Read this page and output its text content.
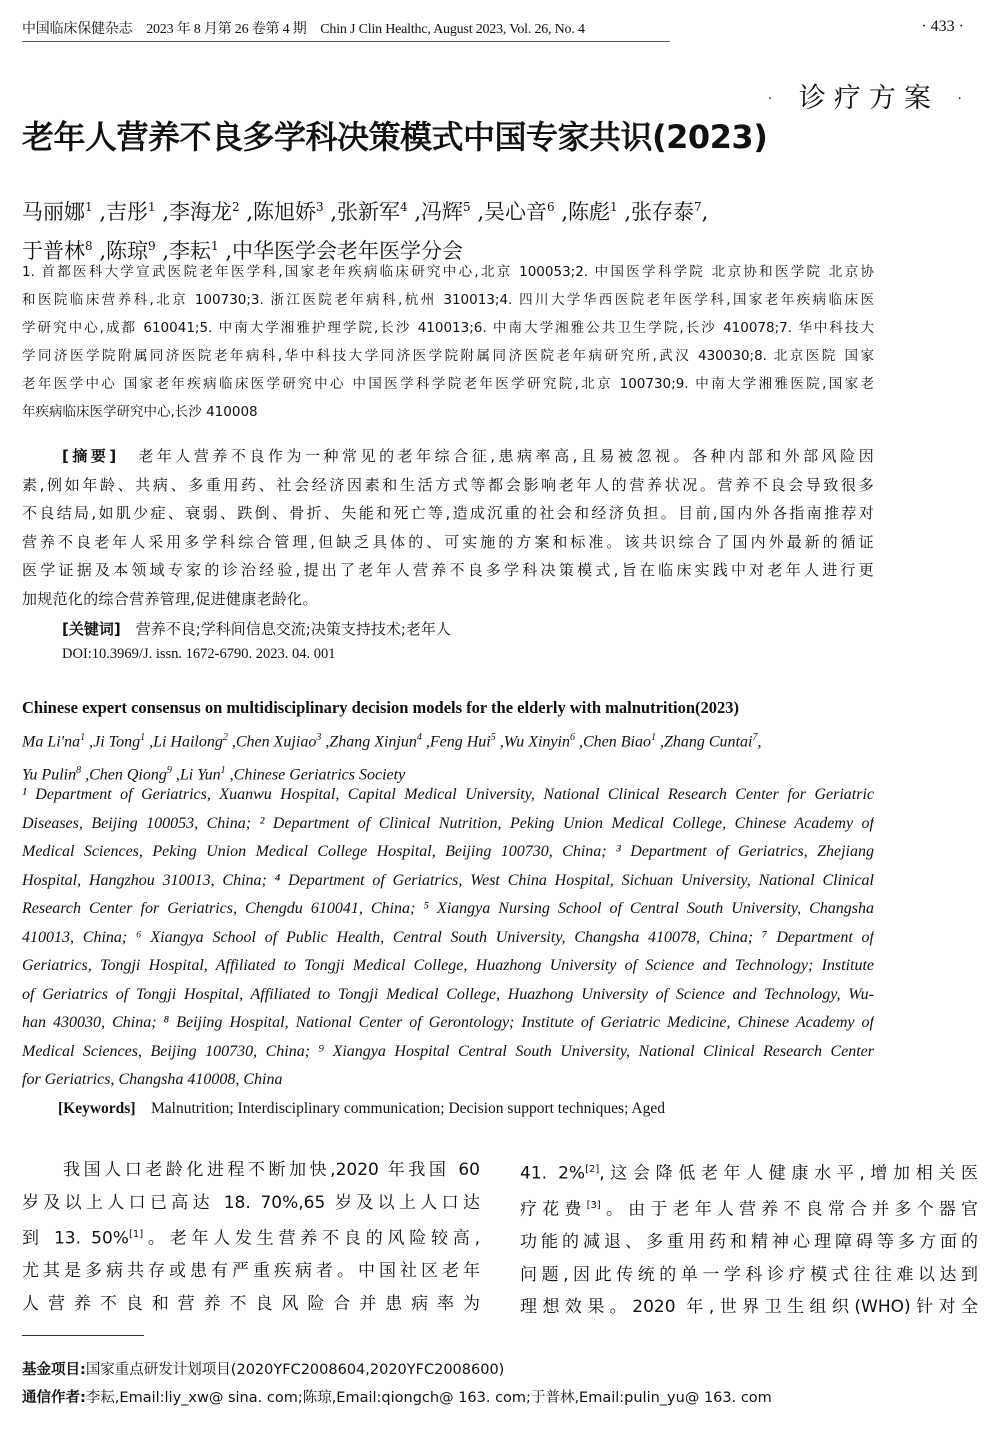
中国临床保健杂志　2023 年 8 月第 26 卷第 4 期　Chin J Clin Healthc, August 2023, Vol. 26, No. 4	· 433 ·
· 诊疗方案 ·
老年人营养不良多学科决策模式中国专家共识(2023)
马丽娜$^1$ ,吉彤$^1$ ,李海龙$^2$ ,陈旭娇$^3$ ,张新军$^4$ ,冯辉$^5$ ,吴心音$^6$ ,陈彪$^1$ ,张存泰$^7$,
于普林$^8$ ,陈琼$^9$ ,李耘$^1$ ,中华医学会老年医学分会
1. 首都医科大学宣武医院老年医学科,国家老年疾病临床研究中心,北京 100053;2. 中国医学科学院 北京协和医学院 北京协
和医院临床营养科,北京 100730;3. 浙江医院老年病科,杭州 310013;4. 四川大学华西医院老年医学科,国家老年疾病临床医
学研究中心,成都 610041;5. 中南大学湘雅护理学院,长沙 410013;6. 中南大学湘雅公共卫生学院,长沙 410078;7. 华中科技大
学同济医学院附属同济医院老年病科,华中科技大学同济医学院附属同济医院老年病研究所,武汉 430030;8. 北京医院 国家
老年医学中心 国家老年疾病临床医学研究中心 中国医学科学院老年医学研究院,北京 100730;9. 中南大学湘雅医院,国家老
年疾病临床医学研究中心,长沙 410008
[摘要]　老年人营养不良作为一种常见的老年综合征,患病率高,且易被忽视。各种内部和外部风险因
素,例如年龄、共病、多重用药、社会经济因素和生活方式等都会影响老年人的营养状况。营养不良会导致很多
不良结局,如肌少症、衰弱、跌倒、骨折、失能和死亡等,造成沉重的社会和经济负担。目前,国内外各指南推荐对
营养不良老年人采用多学科综合管理,但缺乏具体的、可实施的方案和标准。该共识综合了国内外最新的循证
医学证据及本领域专家的诊治经验,提出了老年人营养不良多学科决策模式,旨在临床实践中对老年人进行更
加规范化的综合营养管理,促进健康老龄化。
[关键词]　营养不良;学科间信息交流;决策支持技术;老年人
DOI:10.3969/J. issn. 1672-6790. 2023. 04. 001
Chinese expert consensus on multidisciplinary decision models for the elderly with malnutrition(2023)
Ma $Li'na^1$ ,Ji Tong$^1$ ,Li Hailong$^2$ ,Chen Xujiao$^3$ ,Zhang Xinjun$^4$ ,Feng Hui$^5$ ,Wu Xinyin$^6$ ,Chen Biao$^1$ ,Zhang Cuntai$^7$,
Yu Pulin$^8$ ,Chen Qiong$^9$ ,Li Yun$^1$ ,Chinese Geriatrics Society
¹ Department of Geriatrics, Xuanwu Hospital, Capital Medical University, National Clinical Research Center for Geriatric
Diseases, Beijing 100053, China; ² Department of Clinical Nutrition, Peking Union Medical College, Chinese Academy of
Medical Sciences, Peking Union Medical College Hospital, Beijing 100730, China; ³ Department of Geriatrics, Zhejiang
Hospital, Hangzhou 310013, China; ⁴ Department of Geriatrics, West China Hospital, Sichuan University, National Clinical
Research Center for Geriatrics, Chengdu 610041, China; ⁵ Xiangya Nursing School of Central South University, Changsha
410013, China; ⁶ Xiangya School of Public Health, Central South University, Changsha 410078, China; ⁷ Department of
Geriatrics, Tongji Hospital, Affiliated to Tongji Medical College, Huazhong University of Science and Technology; Institute
of Geriatrics of Tongji Hospital, Affiliated to Tongji Medical College, Huazhong University of Science and Technology, Wu-
han 430030, China; ⁸ Beijing Hospital, National Center of Gerontology; Institute of Geriatric Medicine, Chinese Academy of
Medical Sciences, Beijing 100730, China; ⁹ Xiangya Hospital Central South University, National Clinical Research Center
for Geriatrics, Changsha 410008, China
[Keywords]　Malnutrition; Interdisciplinary communication; Decision support techniques; Aged
　　我国人口老龄化进程不断加快,2020 年我国 60
岁及以上人口已高达 18. 70%,65 岁及以上人口达
到 13. 50%[1]。老年人发生营养不良的风险较高,
尤其是多病共存或患有严重疾病者。中国社区老年
人营养不良和营养不良风险合并患病率为
41. 2%[2],这会降低老年人健康水平,增加相关医
疗花费[3]。由于老年人营养不良常合并多个器官
功能的减退、多重用药和精神心理障碍等多方面的
问题,因此传统的单一学科诊疗模式往往难以达到
理想效果。2020 年,世界卫生组织(WHO)针对全
基金项目:国家重点研发计划项目(2020YFC2008604,2020YFC2008600)
通信作者:李耘,Email:liy_xw@ sina. com;陈琼,Email:qiongch@ 163. com;于普林,Email:pulin_yu@ 163. com
